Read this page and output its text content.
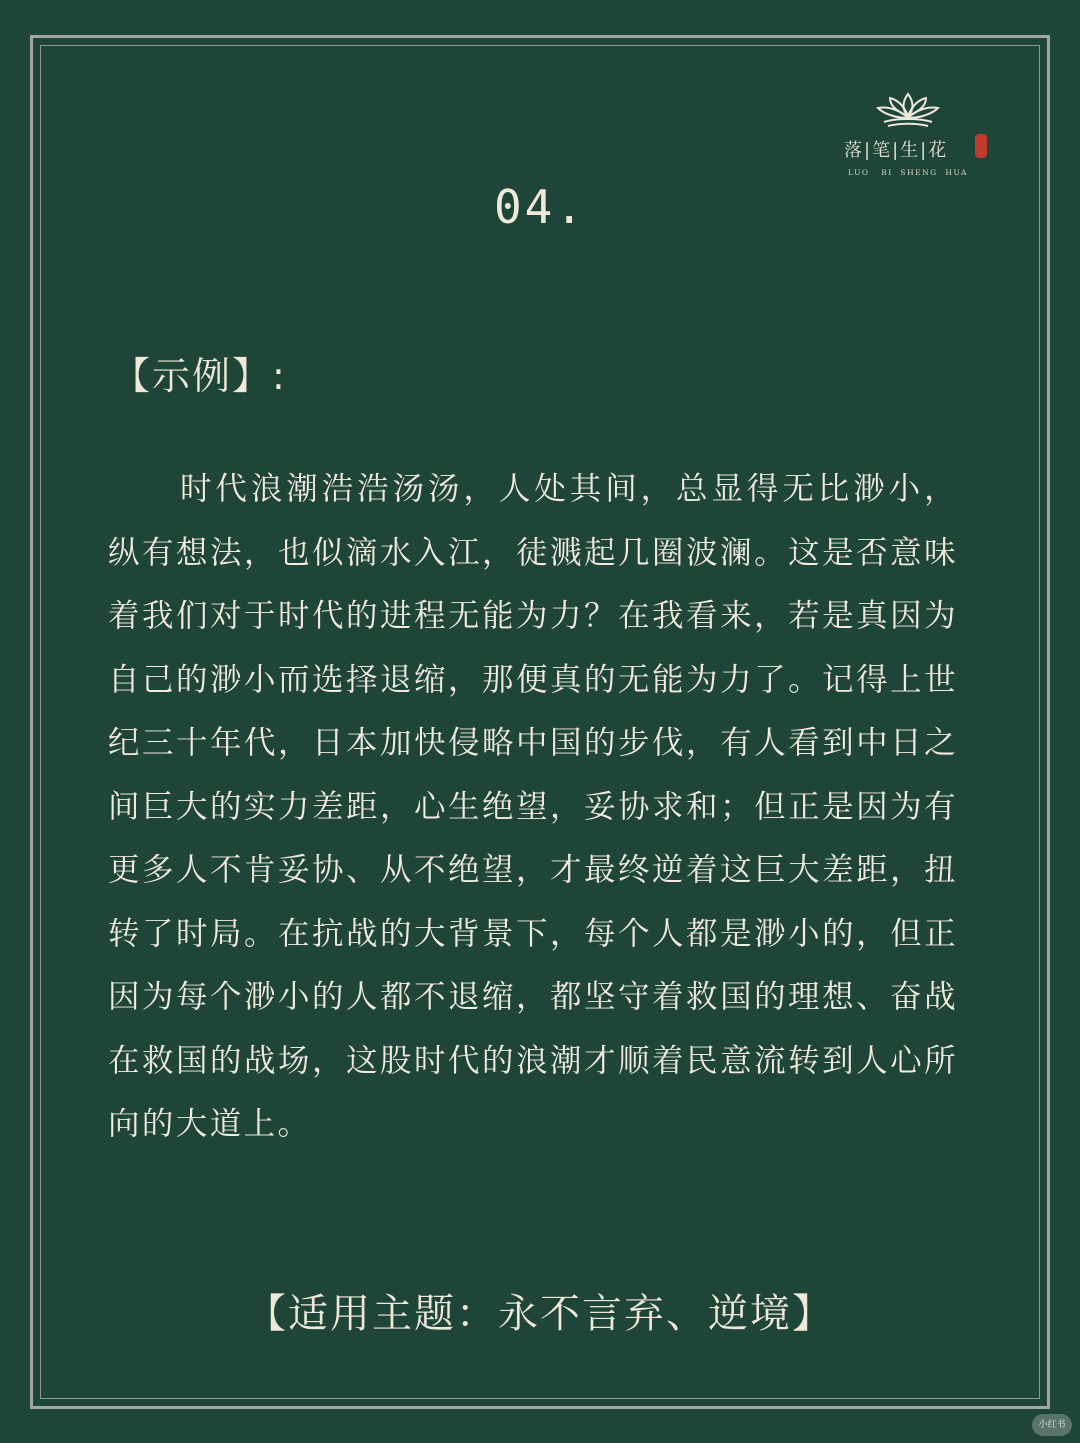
落|笔|生|花
LUO   BI  SHENG  HUA
04.
【示例】:
时代浪潮浩浩汤汤，人处其间，总显得无比渺小，纵有想法，也似滴水入江，徒溅起几圈波澜。这是否意味着我们对于时代的进程无能为力？在我看来，若是真因为自己的渺小而选择退缩，那便真的无能为力了。记得上世纪三十年代，日本加快侵略中国的步伐，有人看到中日之间巨大的实力差距，心生绝望，妥协求和；但正是因为有更多人不肯妥协、从不绝望，才最终逆着这巨大差距，扭转了时局。在抗战的大背景下，每个人都是渺小的，但正因为每个渺小的人都不退缩，都坚守着救国的理想、奋战在救国的战场，这股时代的浪潮才顺着民意流转到人心所向的大道上。
【适用主题：永不言弃、逆境】
小红书
